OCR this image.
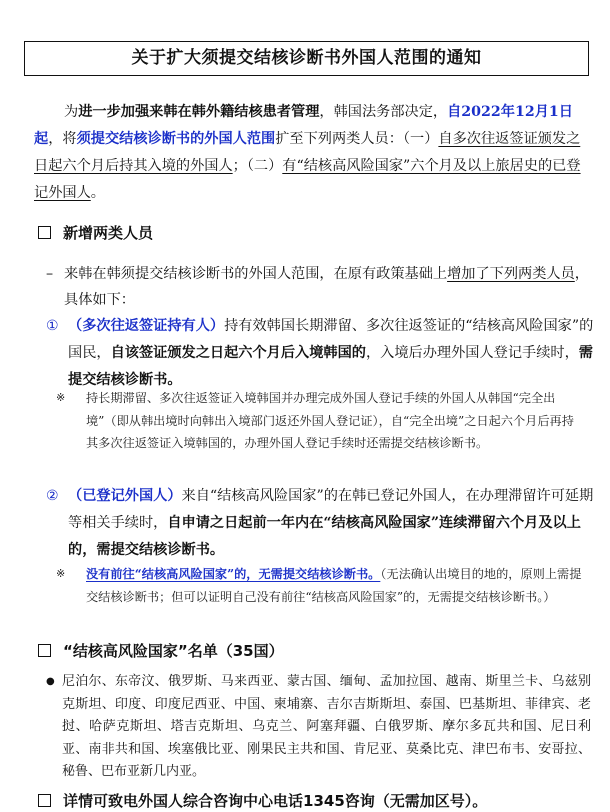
关于扩大须提交结核诊断书外国人范围的通知
为进一步加强来韩在韩外籍结核患者管理，韩国法务部决定，自2022年12月1日起，将须提交结核诊断书的外国人范围扩至下列两类人员：（一）自多次往返签证颁发之日起六个月后持其入境的外国人；（二）有“结核高风险国家”六个月及以上旅居史的已登记外国人。
新增两类人员
– 来韩在韩须提交结核诊断书的外国人范围，在原有政策基础上增加了下列两类人员，具体如下：
① （多次往返签证持有人）持有效韩国长期滞留、多次往返签证的“结核高风险国家”的国民，自该签证颁发之日起六个月后入境韩国的，入境后办理外国人登记手续时，需提交结核诊断书。
※	持长期滞留、多次往返签证入境韩国并办理完成外国人登记手续的外国人从韩国“完全出境”（即从韩出境时向韩出入境部门返还外国人登记证），自“完全出境”之日起六个月后再持其多次往返签证入境韩国的，办理外国人登记手续时还需提交结核诊断书。
② （已登记外国人）来自“结核高风险国家”的在韩已登记外国人，在办理滞留许可延期等相关手续时，自申请之日起前一年内在“结核高风险国家”连续滞留六个月及以上的，需提交结核诊断书。
※	没有前往“结核高风险国家”的，无需提交结核诊断书。（无法确认出境目的地的，原则上需提交结核诊断书；但可以证明自己没有前往“结核高风险国家”的，无需提交结核诊断书。）
“结核高风险国家”名单（35国）
● 尼泊尔、东帝汶、俄罗斯、马来西亚、蒙古国、缅甸、孟加拉国、越南、斯里兰卡、乌兹别克斯坦、印度、印度尼西亚、中国、柬埔寨、吉尔吉斯斯坦、泰国、巴基斯坦、菲律宾、老挝、哈萨克斯坦、塔吉克斯坦、乌克兰、阿塞拜疆、白俄罗斯、摩尔多瓦共和国、尼日利亚、南非共和国、埃塞俄比亚、刚果民主共和国、肯尼亚、莫桑比克、津巴布韦、安哥拉、秘鲁、巴布亚新几内亚。
详情可致电外国人综合咨询中心电话1345咨询（无需加区号）。
